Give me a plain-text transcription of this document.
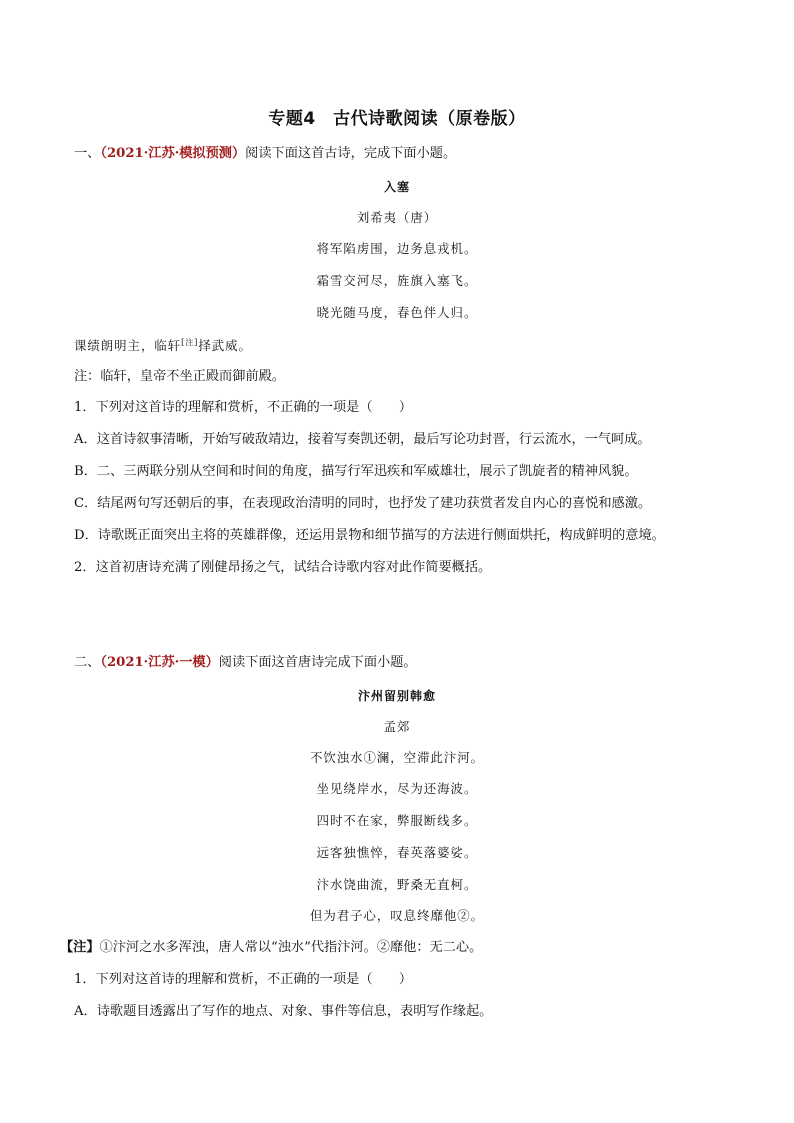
专题4　古代诗歌阅读（原卷版）
一、（2021·江苏·模拟预测）阅读下面这首古诗，完成下面小题。
入塞
刘希夷（唐）
将军陷虏围，边务息戎机。
霜雪交河尽，旌旗入塞飞。
晓光随马度，春色伴人归。
课绩朗明主，临轩[注]择武威。
注：临轩，皇帝不坐正殿而御前殿。
1．下列对这首诗的理解和赏析，不正确的一项是（　　）
A．这首诗叙事清晰，开始写破敌靖边，接着写奏凯还朝，最后写论功封晋，行云流水，一气呵成。
B．二、三两联分别从空间和时间的角度，描写行军迅疾和军威雄壮，展示了凯旋者的精神风貌。
C．结尾两句写还朝后的事，在表现政治清明的同时，也抒发了建功获赏者发自内心的喜悦和感激。
D．诗歌既正面突出主将的英雄群像，还运用景物和细节描写的方法进行侧面烘托，构成鲜明的意境。
2．这首初唐诗充满了刚健昂扬之气，试结合诗歌内容对此作简要概括。
二、（2021·江苏·一模）阅读下面这首唐诗完成下面小题。
汴州留别韩愈
孟郊
不饮浊水①澜，空滞此汴河。
坐见绕岸水，尽为还海波。
四时不在家，弊服断线多。
远客独憔悴，春英落婆娑。
汴水饶曲流，野桑无直柯。
但为君子心，叹息终靡他②。
【注】①汴河之水多浑浊，唐人常以“浊水”代指汴河。②靡他：无二心。
1．下列对这首诗的理解和赏析，不正确的一项是（　　）
A．诗歌题目透露出了写作的地点、对象、事件等信息，表明写作缘起。
